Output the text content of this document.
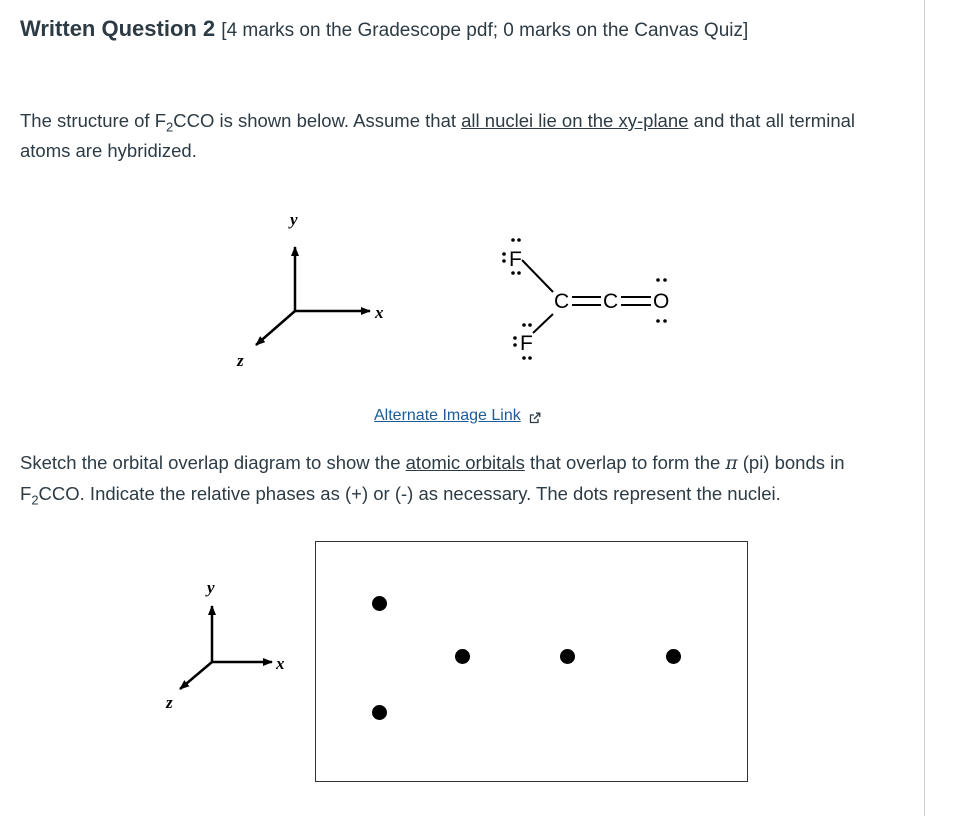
Written Question 2 [4 marks on the Gradescope pdf; 0 marks on the Canvas Quiz]
The structure of $F_2CCO$ is shown below. Assume that all nuclei lie on the xy-plane and that all terminal atoms are hybridized.
y
x
z
F
F
C C O
Alternate Image Link
Sketch the orbital overlap diagram to show the atomic orbitals that overlap to form the π (pi) bonds in $F_2CCO$. Indicate the relative phases as (+) or (-) as necessary. The dots represent the nuclei.
y
x
z
